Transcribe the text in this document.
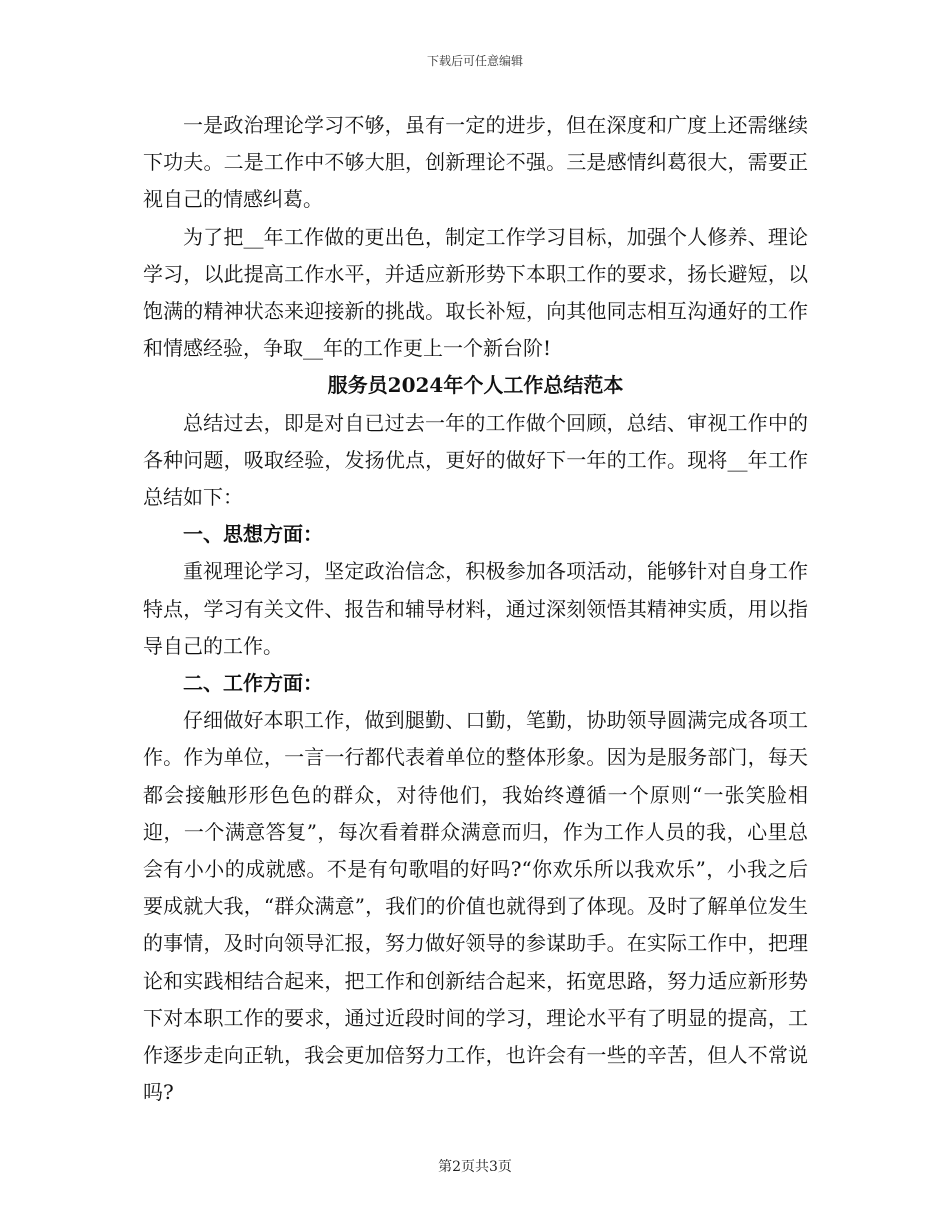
下载后可任意编辑

一是政治理论学习不够，虽有一定的进步，但在深度和广度上还需继续下功夫。二是工作中不够大胆，创新理论不强。三是感情纠葛很大，需要正视自己的情感纠葛。

为了把__年工作做的更出色，制定工作学习目标，加强个人修养、理论学习，以此提高工作水平，并适应新形势下本职工作的要求，扬长避短，以饱满的精神状态来迎接新的挑战。取长补短，向其他同志相互沟通好的工作和情感经验，争取__年的工作更上一个新台阶!

服务员2024年个人工作总结范本

总结过去，即是对自已过去一年的工作做个回顾，总结、审视工作中的各种问题，吸取经验，发扬优点，更好的做好下一年的工作。现将__年工作总结如下：

一、思想方面：

重视理论学习，坚定政治信念，积极参加各项活动，能够针对自身工作特点，学习有关文件、报告和辅导材料，通过深刻领悟其精神实质，用以指导自己的工作。

二、工作方面：

仔细做好本职工作，做到腿勤、口勤，笔勤，协助领导圆满完成各项工作。作为单位，一言一行都代表着单位的整体形象。因为是服务部门，每天都会接触形形色色的群众，对待他们，我始终遵循一个原则“一张笑脸相迎，一个满意答复”，每次看着群众满意而归，作为工作人员的我，心里总会有小小的成就感。不是有句歌唱的好吗?“你欢乐所以我欢乐”，小我之后要成就大我，“群众满意”，我们的价值也就得到了体现。及时了解单位发生的事情，及时向领导汇报，努力做好领导的参谋助手。在实际工作中，把理论和实践相结合起来，把工作和创新结合起来，拓宽思路，努力适应新形势下对本职工作的要求，通过近段时间的学习，理论水平有了明显的提高，工作逐步走向正轨，我会更加倍努力工作，也许会有一些的辛苦，但人不常说吗?

第2页共3页
